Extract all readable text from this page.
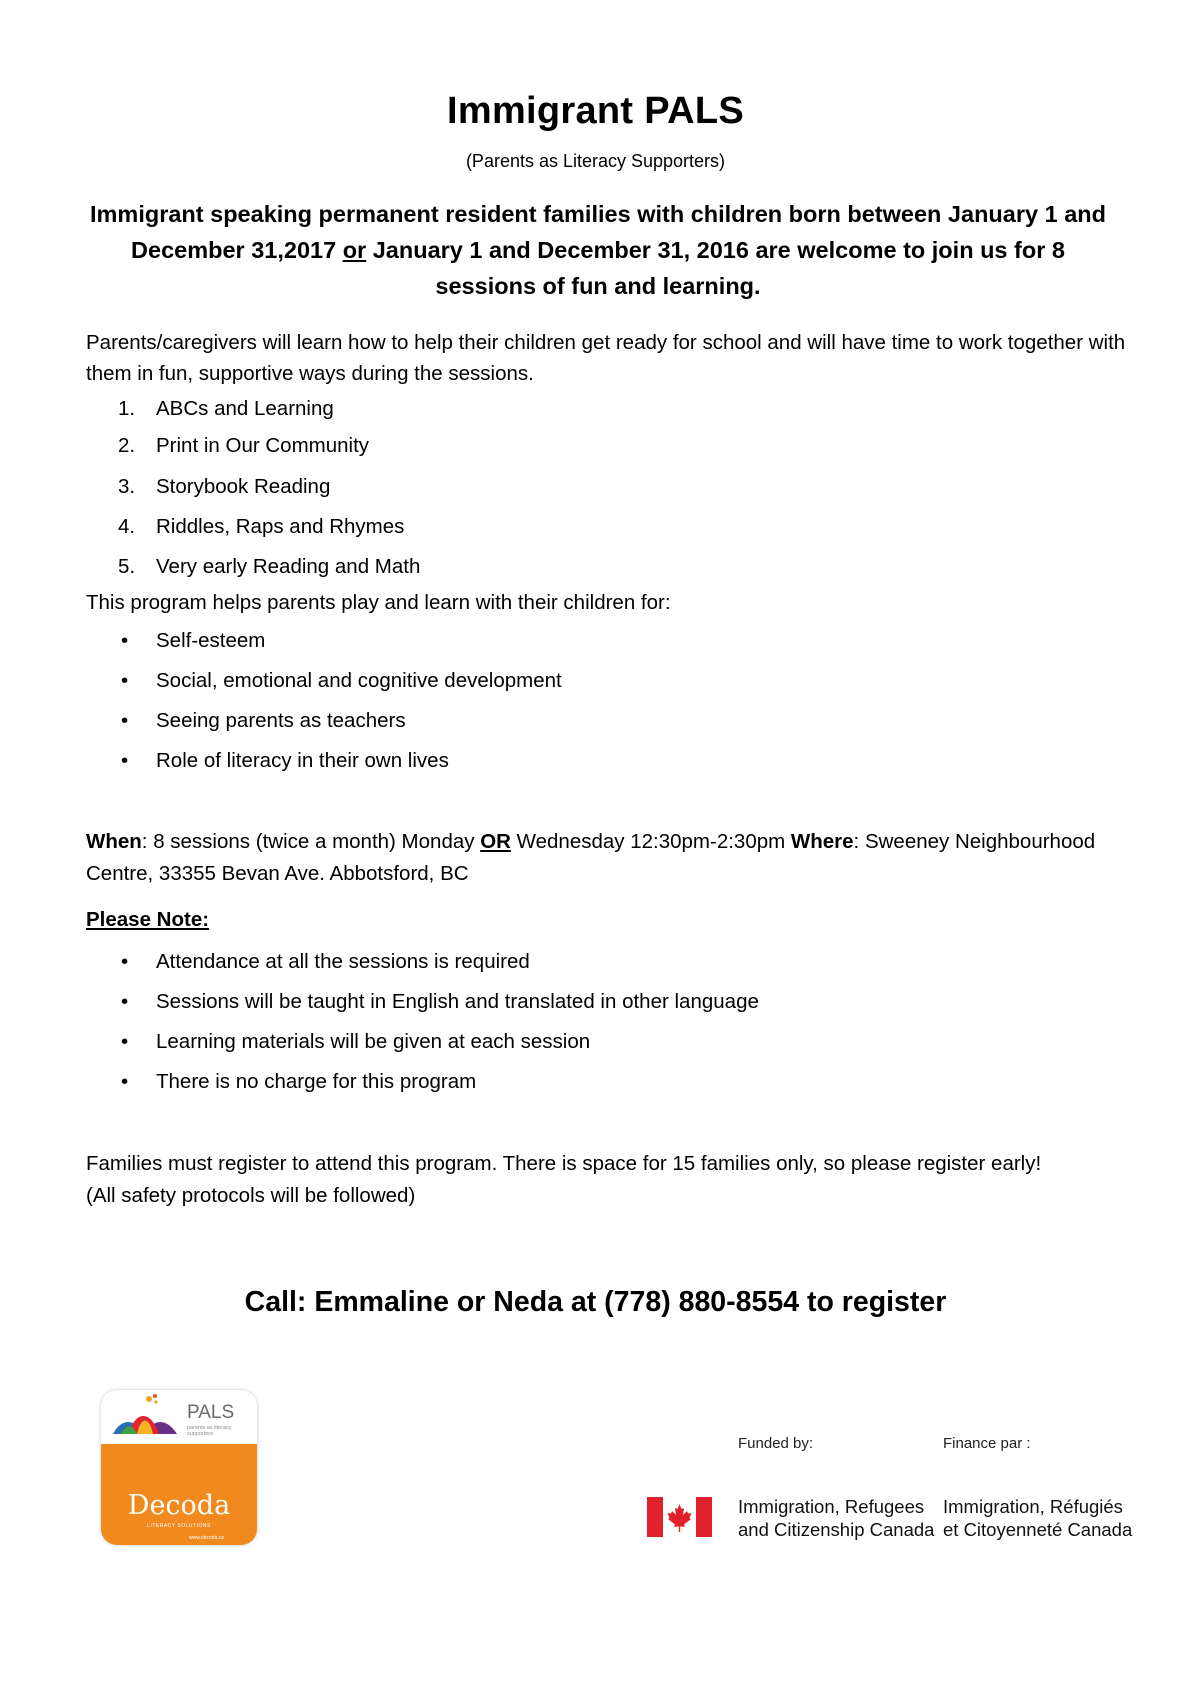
Immigrant PALS
(Parents as Literacy Supporters)
Immigrant speaking permanent resident families with children born between January 1 and December 31,2017 or January 1 and December 31, 2016 are welcome to join us for 8 sessions of fun and learning.
Parents/caregivers will learn how to help their children get ready for school and will have time to work together with them in fun, supportive ways during the sessions.
1.	ABCs and Learning
2.	Print in Our Community
3.	Storybook Reading
4.	Riddles, Raps and Rhymes
5.	Very early Reading and Math
This program helps parents play and learn with their children for:
•	Self-esteem
•	Social, emotional and cognitive development
•	Seeing parents as teachers
•	Role of literacy in their own lives
When: 8 sessions (twice a month) Monday OR Wednesday 12:30pm-2:30pm Where: Sweeney Neighbourhood Centre, 33355 Bevan Ave. Abbotsford, BC
Please Note:
•	Attendance at all the sessions is required
•	Sessions will be taught in English and translated in other language
•	Learning materials will be given at each session
•	There is no charge for this program
Families must register to attend this program. There is space for 15 families only, so please register early!
(All safety protocols will be followed)
Call: Emmaline or Neda at (778) 880-8554 to register
PALS
parents as literacy supporters
Decoda
LITERACY SOLUTIONS
www.decoda.ca
Funded by:	Finance par :
Immigration, Refugees
and Citizenship Canada
Immigration, Réfugiés
et Citoyenneté Canada
